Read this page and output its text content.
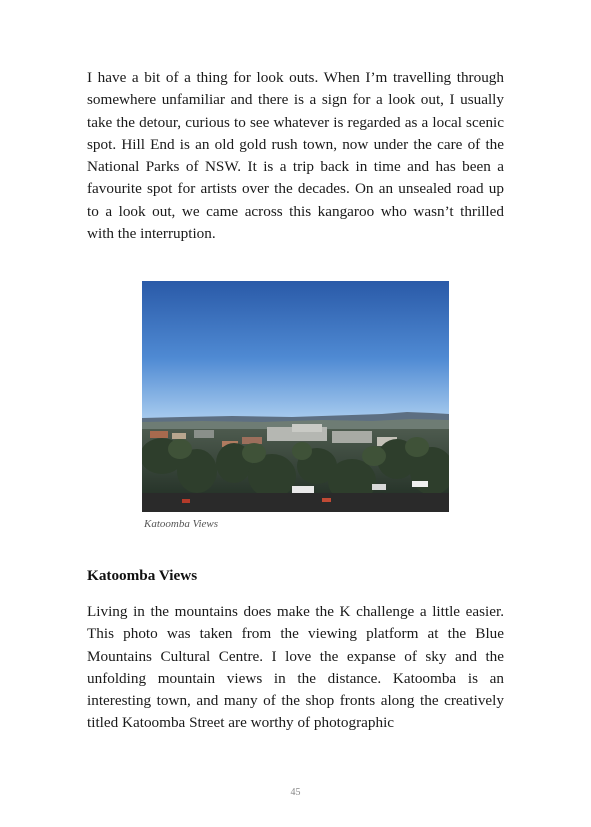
I have a bit of a thing for look outs. When I’m travelling through somewhere unfamiliar and there is a sign for a look out, I usually take the detour, curious to see whatever is regarded as a local scenic spot. Hill End is an old gold rush town, now under the care of the National Parks of NSW. It is a trip back in time and has been a favourite spot for artists over the decades. On an unsealed road up to a look out, we came across this kangaroo who wasn’t thrilled with the interruption.

Katoomba Views
Katoomba Views

Living in the mountains does make the K challenge a little easier. This photo was taken from the viewing platform at the Blue Mountains Cultural Centre. I love the expanse of sky and the unfolding mountain views in the distance. Katoomba is an interesting town, and many of the shop fronts along the creatively titled Katoomba Street are worthy of photographic

45
